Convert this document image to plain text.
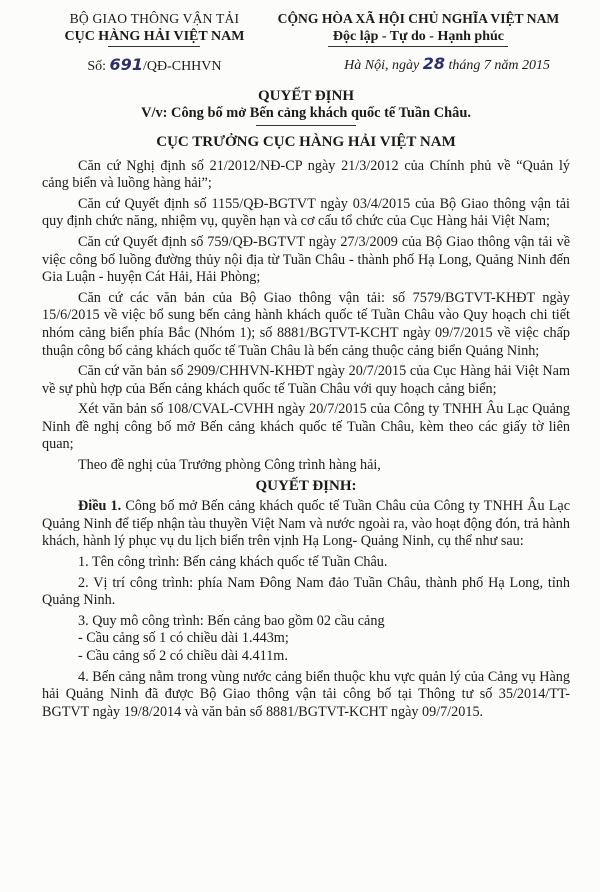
BỘ GIAO THÔNG VẬN TẢI
CỤC HÀNG HẢI VIỆT NAM
Số: 691/QĐ-CHHVN
CỘNG HÒA XÃ HỘI CHỦ NGHĨA VIỆT NAM
Độc lập - Tự do - Hạnh phúc
Hà Nội, ngày 28 tháng 7 năm 2015
QUYẾT ĐỊNH
V/v: Công bố mở Bến cảng khách quốc tế Tuần Châu.
CỤC TRƯỞNG CỤC HÀNG HẢI VIỆT NAM

Căn cứ Nghị định số 21/2012/NĐ-CP ngày 21/3/2012 của Chính phủ về “Quản lý cảng biển và luồng hàng hải”;

Căn cứ Quyết định số 1155/QĐ-BGTVT ngày 03/4/2015 của Bộ Giao thông vận tải quy định chức năng, nhiệm vụ, quyền hạn và cơ cấu tổ chức của Cục Hàng hải Việt Nam;

Căn cứ Quyết định số 759/QĐ-BGTVT ngày 27/3/2009 của Bộ Giao thông vận tải về việc công bố luồng đường thủy nội địa từ Tuần Châu - thành phố Hạ Long, Quảng Ninh đến Gia Luận - huyện Cát Hải, Hải Phòng;

Căn cứ các văn bản của Bộ Giao thông vận tải: số 7579/BGTVT-KHĐT ngày 15/6/2015 về việc bổ sung bến cảng hành khách quốc tế Tuần Châu vào Quy hoạch chi tiết nhóm cảng biển phía Bắc (Nhóm 1); số 8881/BGTVT-KCHT ngày 09/7/2015 về việc chấp thuận công bố cảng khách quốc tế Tuần Châu là bến cảng thuộc cảng biển Quảng Ninh;

Căn cứ văn bản số 2909/CHHVN-KHĐT ngày 20/7/2015 của Cục Hàng hải Việt Nam về sự phù hợp của Bến cảng khách quốc tế Tuần Châu với quy hoạch cảng biển;

Xét văn bản số 108/CVAL-CVHH ngày 20/7/2015 của Công ty TNHH Âu Lạc Quảng Ninh đề nghị công bố mở Bến cảng khách quốc tế Tuần Châu, kèm theo các giấy tờ liên quan;

Theo đề nghị của Trưởng phòng Công trình hàng hải,

QUYẾT ĐỊNH:

Điều 1. Công bố mở Bến cảng khách quốc tế Tuần Châu của Công ty TNHH Âu Lạc Quảng Ninh để tiếp nhận tàu thuyền Việt Nam và nước ngoài ra, vào hoạt động đón, trả hành khách, hành lý phục vụ du lịch biển trên vịnh Hạ Long- Quảng Ninh, cụ thể như sau:

1. Tên công trình: Bến cảng khách quốc tế Tuần Châu.

2. Vị trí công trình: phía Nam Đông Nam đảo Tuần Châu, thành phố Hạ Long, tỉnh Quảng Ninh.

3. Quy mô công trình: Bến cảng bao gồm 02 cầu cảng

- Cầu cảng số 1 có chiều dài 1.443m;

- Cầu cảng số 2 có chiều dài 4.411m.

4. Bến cảng nằm trong vùng nước cảng biển thuộc khu vực quản lý của Cảng vụ Hàng hải Quảng Ninh đã được Bộ Giao thông vận tải công bố tại Thông tư số 35/2014/TT-BGTVT ngày 19/8/2014 và văn bản số 8881/BGTVT-KCHT ngày 09/7/2015.
